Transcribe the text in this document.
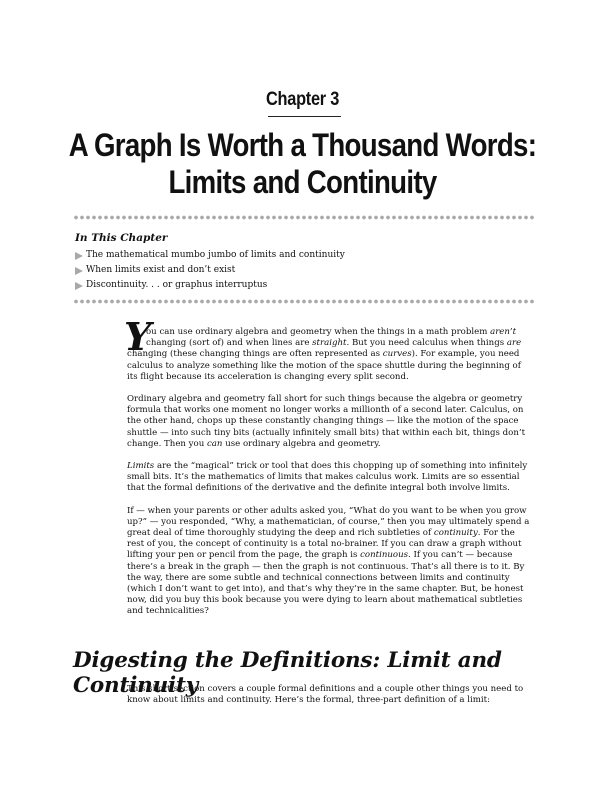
Chapter 3
A Graph Is Worth a Thousand Words:
Limits and Continuity
In This Chapter
The mathematical mumbo jumbo of limits and continuity
When limits exist and don’t exist
Discontinuity. . . or graphus interruptus

Y
ou can use ordinary algebra and geometry when the things in a math problem aren’t
changing (sort of) and when lines are straight. But you need calculus when things are
changing (these changing things are often represented as curves). For example, you need calculus to analyze something like the motion of the space shuttle during the beginning of its flight because its acceleration is changing every split second.

Ordinary algebra and geometry fall short for such things because the algebra or geometry formula that works one moment no longer works a millionth of a second later. Calculus, on the other hand, chops up these constantly changing things — like the motion of the space shuttle — into such tiny bits (actually infinitely small bits) that within each bit, things don’t change. Then you can use ordinary algebra and geometry.

Limits are the “magical” trick or tool that does this chopping up of something into infinitely small bits. It’s the mathematics of limits that makes calculus work. Limits are so essential that the formal definitions of the derivative and the definite integral both involve limits.

If — when your parents or other adults asked you, “What do you want to be when you grow up?” — you responded, “Why, a mathematician, of course,” then you may ultimately spend a great deal of time thoroughly studying the deep and rich subtleties of continuity. For the rest of you, the concept of continuity is a total no-brainer. If you can draw a graph without lifting your pen or pencil from the page, the graph is continuous. If you can’t — because there’s a break in the graph — then the graph is not continuous. That’s all there is to it. By the way, there are some subtle and technical connections between limits and continuity (which I don’t want to get into), and that’s why they’re in the same chapter. But, be honest now, did you buy this book because you were dying to learn about mathematical subtleties and technicalities?

Digesting the Definitions: Limit and Continuity

This short section covers a couple formal definitions and a couple other things you need to know about limits and continuity. Here’s the formal, three-part definition of a limit:
